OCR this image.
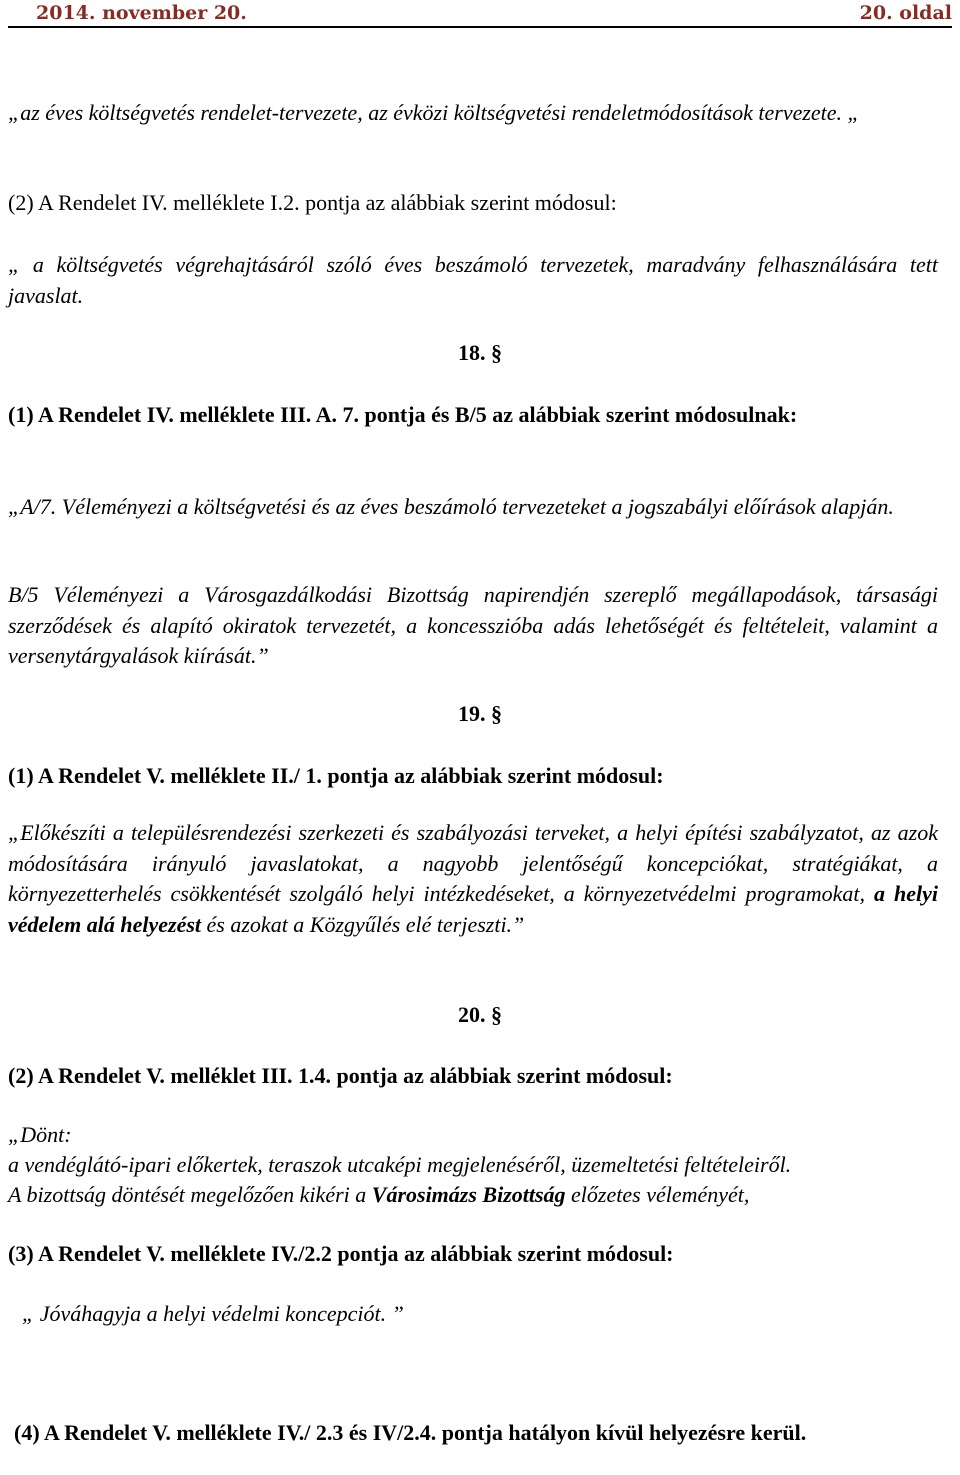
2014. november 20.	20. oldal

„az éves költségvetés rendelet-tervezete, az évközi költségvetési rendeletmódosítások tervezete. „

(2) A Rendelet IV. melléklete I.2. pontja az alábbiak szerint módosul:

„ a költségvetés végrehajtásáról szóló éves beszámoló tervezetek, maradvány felhasználására tett javaslat.

18. §

(1) A Rendelet IV. melléklete III. A. 7. pontja és B/5 az alábbiak szerint módosulnak:

„A/7. Véleményezi a költségvetési és az éves beszámoló tervezeteket a jogszabályi előírások alapján.

B/5 Véleményezi a Városgazdálkodási Bizottság napirendjén szereplő megállapodások, társasági szerződések és alapító okiratok tervezetét, a koncesszióba adás lehetőségét és feltételeit, valamint a versenytárgyalások kiírását.”

19. §

(1) A Rendelet V. melléklete II./ 1. pontja az alábbiak szerint módosul:

„Előkészíti a településrendezési szerkezeti és szabályozási terveket, a helyi építési szabályzatot, az azok módosítására irányuló javaslatokat, a nagyobb jelentőségű koncepciókat, stratégiákat, a környezetterhelés csökkentését szolgáló helyi intézkedéseket, a környezetvédelmi programokat, a helyi védelem alá helyezést és azokat a Közgyűlés elé terjeszti.”

20. §

(2) A Rendelet V. melléklet III. 1.4. pontja az alábbiak szerint módosul:

„Dönt:

a vendéglátó-ipari előkertek, teraszok utcaképi megjelenéséről, üzemeltetési feltételeiről.

A bizottság döntését megelőzően kikéri a Városimázs Bizottság előzetes véleményét,

(3) A Rendelet V. melléklete IV./2.2 pontja az alábbiak szerint módosul:

„ Jóváhagyja a helyi védelmi koncepciót. ”

(4) A Rendelet V. melléklete IV./ 2.3 és IV/2.4. pontja hatályon kívül helyezésre kerül.
